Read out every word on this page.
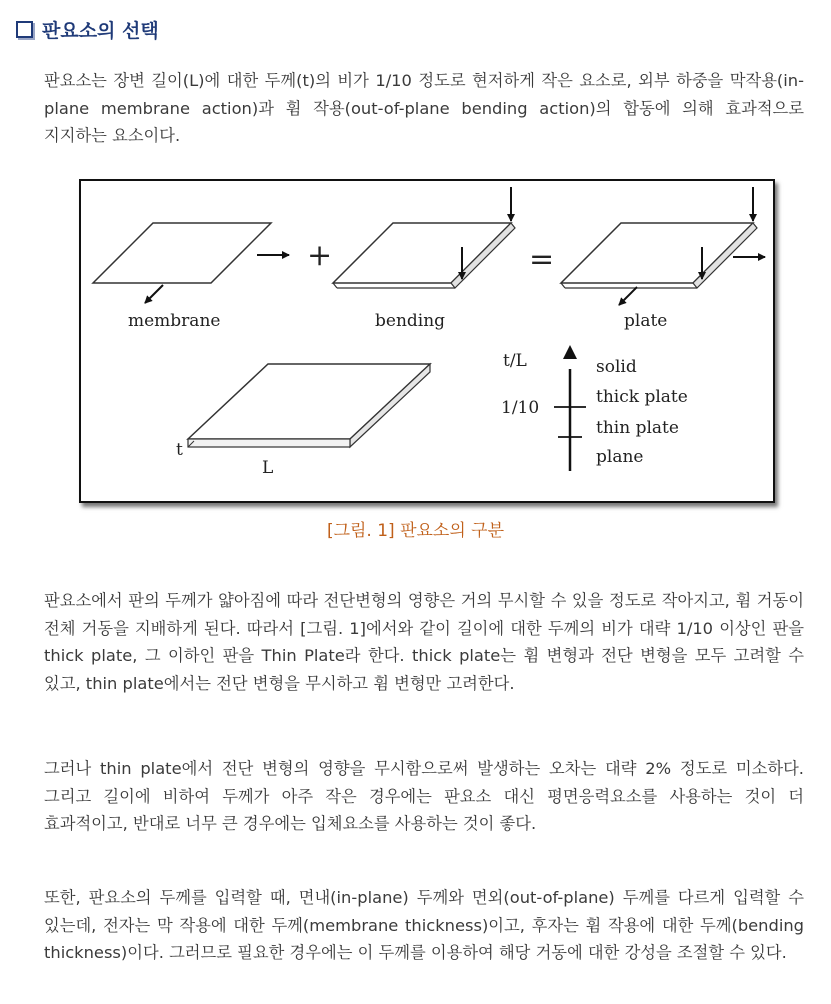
판요소의 선택

판요소는 장변 길이(L)에 대한 두께(t)의 비가 1/10 정도로 현저하게 작은 요소로, 외부 하중을 막작용(in-plane membrane action)과 휨 작용(out-of-plane bending action)의 합동에 의해 효과적으로 지지하는 요소이다.

membrane
+
bending
=
plate
t
L
t/L
1/10
solid
thick plate
thin plate
plane
[그림. 1] 판요소의 구분

판요소에서 판의 두께가 얇아짐에 따라 전단변형의 영향은 거의 무시할 수 있을 정도로 작아지고, 휨 거동이 전체 거동을 지배하게 된다. 따라서 [그림. 1]에서와 같이 길이에 대한 두께의 비가 대략 1/10 이상인 판을 thick plate, 그 이하인 판을 Thin Plate라 한다. thick plate는 휨 변형과 전단 변형을 모두 고려할 수 있고, thin plate에서는 전단 변형을 무시하고 휨 변형만 고려한다.

그러나 thin plate에서 전단 변형의 영향을 무시함으로써 발생하는 오차는 대략 2% 정도로 미소하다. 그리고 길이에 비하여 두께가 아주 작은 경우에는 판요소 대신 평면응력요소를 사용하는 것이 더 효과적이고, 반대로 너무 큰 경우에는 입체요소를 사용하는 것이 좋다.

또한, 판요소의 두께를 입력할 때, 면내(in-plane) 두께와 면외(out-of-plane) 두께를 다르게 입력할 수 있는데, 전자는 막 작용에 대한 두께(membrane thickness)이고, 후자는 휨 작용에 대한 두께(bending thickness)이다. 그러므로 필요한 경우에는 이 두께를 이용하여 해당 거동에 대한 강성을 조절할 수 있다.
